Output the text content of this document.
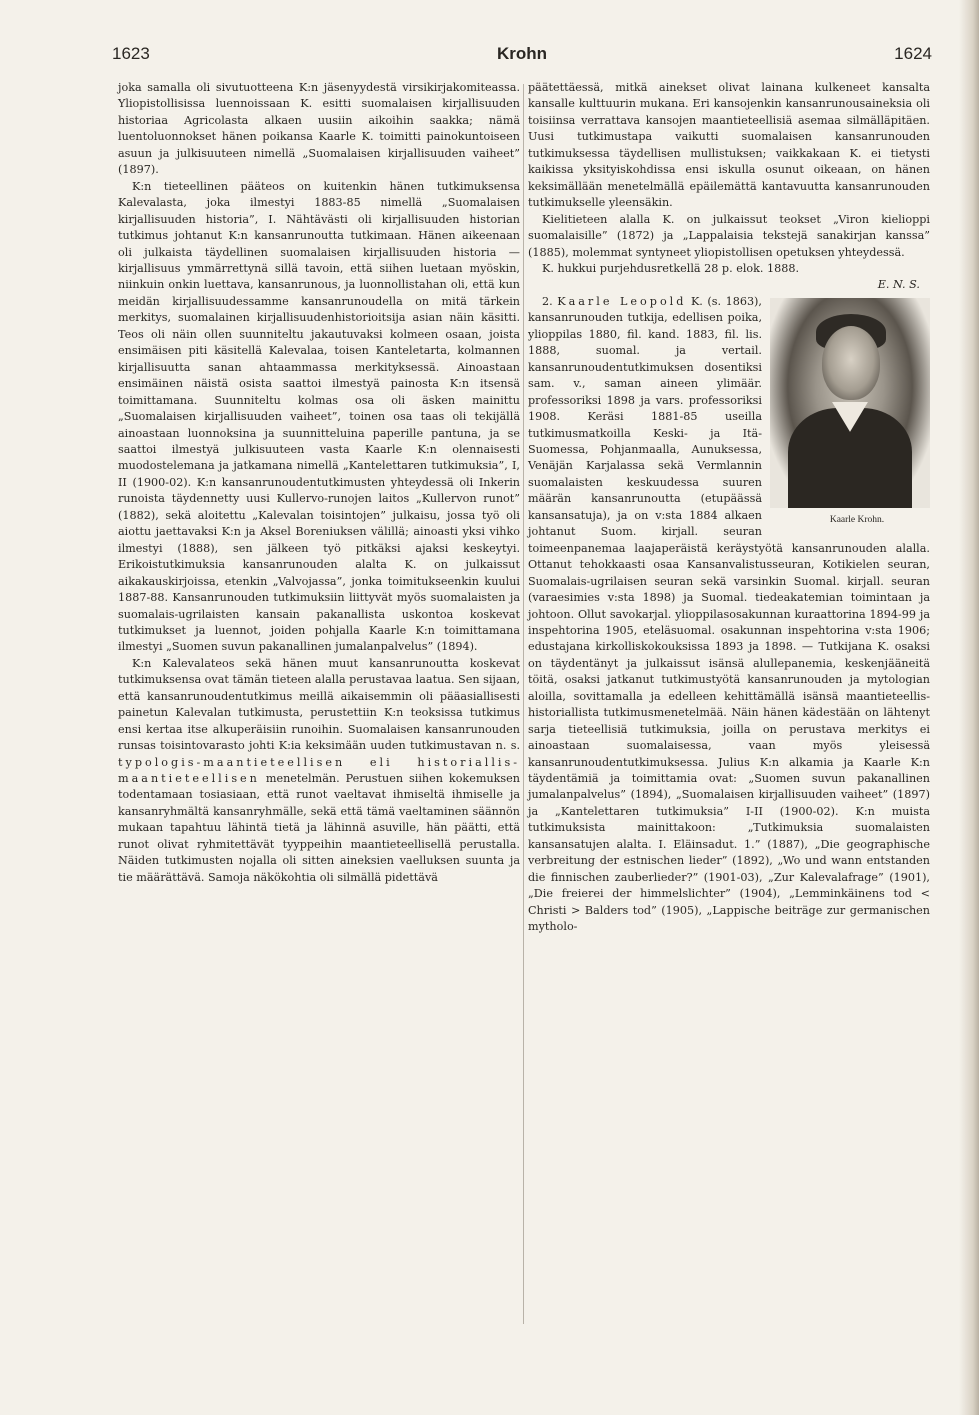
1623	Krohn	1624

joka samalla oli sivutuotteena K:n jäsenyydestä virsikirjakomiteassa. Yliopistollisissa luennoissaan K. esitti suomalaisen kirjallisuuden historiaa Agricolasta alkaen uusiin aikoihin saakka; nämä luentoluonnokset hänen poikansa Kaarle K. toimitti painokuntoiseen asuun ja julkisuuteen nimellä „Suomalaisen kirjallisuuden vaiheet” (1897).

K:n tieteellinen pääteos on kuitenkin hänen tutkimuksensa Kalevalasta, joka ilmestyi 1883-85 nimellä „Suomalaisen kirjallisuuden historia”, I. Nähtävästi oli kirjallisuuden historian tutkimus johtanut K:n kansanrunoutta tutkimaan. Hänen aikeenaan oli julkaista täydellinen suomalaisen kirjallisuuden historia — kirjallisuus ymmärrettynä sillä tavoin, että siihen luetaan myöskin, niinkuin onkin luettava, kansanrunous, ja luonnollistahan oli, että kun meidän kirjallisuudessamme kansanrunoudella on mitä tärkein merkitys, suomalainen kirjallisuudenhistorioitsija asian näin käsitti. Teos oli näin ollen suunniteltu jakautuvaksi kolmeen osaan, joista ensimäisen piti käsitellä Kalevalaa, toisen Kanteletarta, kolmannen kirjallisuutta sanan ahtaammassa merkityksessä. Ainoastaan ensimäinen näistä osista saattoi ilmestyä painosta K:n itsensä toimittamana. Suunniteltu kolmas osa oli äsken mainittu „Suomalaisen kirjallisuuden vaiheet”, toinen osa taas oli tekijällä ainoastaan luonnoksina ja suunnitteluina paperille pantuna, ja se saattoi ilmestyä julkisuuteen vasta Kaarle K:n olennaisesti muodostelemana ja jatkamana nimellä „Kantelettaren tutkimuksia”, I, II (1900-02). K:n kansanrunoudentutkimusten yhteydessä oli Inkerin runoista täydennetty uusi Kullervo-runojen laitos „Kullervon runot” (1882), sekä aloitettu „Kalevalan toisintojen” julkaisu, jossa työ oli aiottu jaettavaksi K:n ja Aksel Boreniuksen välillä; ainoasti yksi vihko ilmestyi (1888), sen jälkeen työ pitkäksi ajaksi keskeytyi. Erikoistutkimuksia kansanrunouden alalta K. on julkaissut aikakauskirjoissa, etenkin „Valvojassa”, jonka toimitukseenkin kuului 1887-88. Kansanrunouden tutkimuksiin liittyvät myös suomalaisten ja suomalais-ugrilaisten kansain pakanallista uskontoa koskevat tutkimukset ja luennot, joiden pohjalla Kaarle K:n toimittamana ilmestyi „Suomen suvun pakanallinen jumalanpalvelus” (1894).

K:n Kalevalateos sekä hänen muut kansanrunoutta koskevat tutkimuksensa ovat tämän tieteen alalla perustavaa laatua. Sen sijaan, että kansanrunoudentutkimus meillä aikaisemmin oli pääasiallisesti painetun Kalevalan tutkimusta, perustettiin K:n teoksissa tutkimus ensi kertaa itse alkuperäisiin runoihin. Suomalaisen kansanrunouden runsas toisintovarasto johti K:ia keksimään uuden tutkimustavan n. s. typologis-maantieteellisen eli historiallis-maantieteellisen menetelmän. Perustuen siihen kokemuksen todentamaan tosiasiaan, että runot vaeltavat ihmiseltä ihmiselle ja kansanryhmältä kansanryhmälle, sekä että tämä vaeltaminen säännön mukaan tapahtuu lähintä tietä ja lähinnä asuville, hän päätti, että runot olivat ryhmitettävät tyyppeihin maantieteellisellä perustalla. Näiden tutkimusten nojalla oli sitten aineksien vaelluksen suunta ja tie määrättävä. Samoja näkökohtia oli silmällä pidettävä

päätettäessä, mitkä ainekset olivat lainana kulkeneet kansalta kansalle kulttuurin mukana. Eri kansojenkin kansanrunousaineksia oli toisiinsa verrattava kansojen maantieteellisiä asemaa silmälläpitäen. Uusi tutkimustapa vaikutti suomalaisen kansanrunouden tutkimuksessa täydellisen mullistuksen; vaikkakaan K. ei tietysti kaikissa yksityiskohdissa ensi iskulla osunut oikeaan, on hänen keksimällään menetelmällä epäilemättä kantavuutta kansanrunouden tutkimukselle yleensäkin.

Kielitieteen alalla K. on julkaissut teokset „Viron kielioppi suomalaisille” (1872) ja „Lappalaisia tekstejä sanakirjan kanssa” (1885), molemmat syntyneet yliopistollisen opetuksen yhteydessä.

K. hukkui purjehdusretkellä 28 p. elok. 1888.

E. N. S.

2. Kaarle Leopold
Kaarle Krohn.
K. (s. 1863), kansanrunouden tutkija, edellisen poika, ylioppilas 1880, fil. kand. 1883, fil. lis. 1888, suomal. ja vertail. kansanrunoudentutkimuksen dosentiksi sam. v., saman aineen ylimäär. professoriksi 1898 ja vars. professoriksi 1908. Keräsi 1881-85 useilla tutkimusmatkoilla Keski- ja Itä-Suomessa, Pohjanmaalla, Aunuksessa, Venäjän Karjalassa sekä Vermlannin suomalaisten keskuudessa suuren määrän kansanrunoutta (etupäässä kansansatuja), ja on v:sta 1884 alkaen johtanut Suom. kirjall. seuran toimeenpanemaa laajaperäistä keräystyötä kansanrunouden alalla. Ottanut tehokkaasti osaa Kansanvalistusseuran, Kotikielen seuran, Suomalais-ugrilaisen seuran sekä varsinkin Suomal. kirjall. seuran (varaesimies v:sta 1898) ja Suomal. tiedeakatemian toimintaan ja johtoon. Ollut savokarjal. ylioppilasosakunnan kuraattorina 1894-99 ja inspehtorina 1905, eteläsuomal. osakunnan inspehtorina v:sta 1906; edustajana kirkolliskokouksissa 1893 ja 1898. — Tutkijana K. osaksi on täydentänyt ja julkaissut isänsä alullepanemia, keskenjääneitä töitä, osaksi jatkanut tutkimustyötä kansanrunouden ja mytologian aloilla, sovittamalla ja edelleen kehittämällä isänsä maantieteellis-historiallista tutkimusmenetelmää. Näin hänen kädestään on lähtenyt sarja tieteellisiä tutkimuksia, joilla on perustava merkitys ei ainoastaan suomalaisessa, vaan myös yleisessä kansanrunoudentutkimuksessa. Julius K:n alkamia ja Kaarle K:n täydentämiä ja toimittamia ovat: „Suomen suvun pakanallinen jumalanpalvelus” (1894), „Suomalaisen kirjallisuuden vaiheet” (1897) ja „Kantelettaren tutkimuksia” I-II (1900-02). K:n muista tutkimuksista mainittakoon: „Tutkimuksia suomalaisten kansansatujen alalta. I. Eläinsadut. 1.” (1887), „Die geographische verbreitung der estnischen lieder” (1892), „Wo und wann entstanden die finnischen zauberlieder?” (1901-03), „Zur Kalevalafrage” (1901), „Die freierei der himmelslichter” (1904), „Lemminkäinens tod < Christi > Balders tod” (1905), „Lappische beiträge zur germanischen mytholo-
